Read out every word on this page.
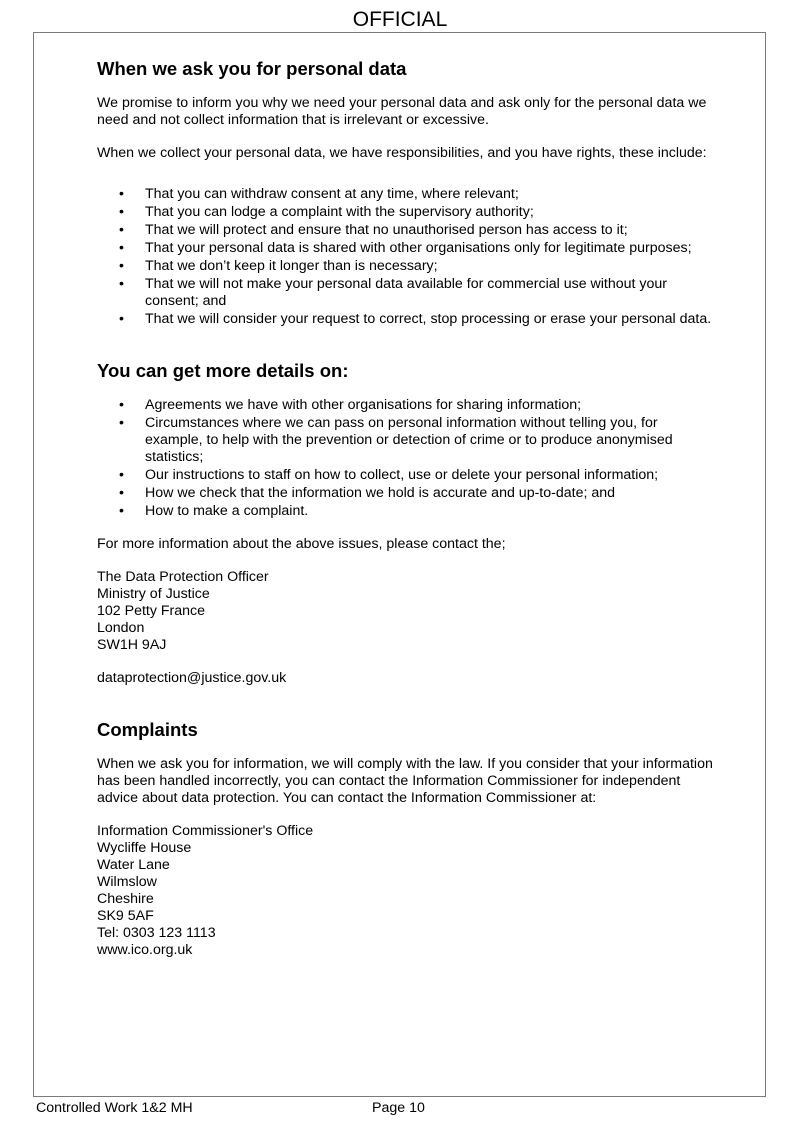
OFFICIAL
When we ask you for personal data

We promise to inform you why we need your personal data and ask only for the personal data we need and not collect information that is irrelevant or excessive.

When we collect your personal data, we have responsibilities, and you have rights, these include:

• That you can withdraw consent at any time, where relevant;
• That you can lodge a complaint with the supervisory authority;
• That we will protect and ensure that no unauthorised person has access to it;
• That your personal data is shared with other organisations only for legitimate purposes;
• That we don’t keep it longer than is necessary;
• That we will not make your personal data available for commercial use without your consent; and
• That we will consider your request to correct, stop processing or erase your personal data.
You can get more details on:
• Agreements we have with other organisations for sharing information;
• Circumstances where we can pass on personal information without telling you, for example, to help with the prevention or detection of crime or to produce anonymised statistics;
• Our instructions to staff on how to collect, use or delete your personal information;
• How we check that the information we hold is accurate and up-to-date; and
• How to make a complaint.

For more information about the above issues, please contact the;

The Data Protection Officer
Ministry of Justice
102 Petty France
London
SW1H 9AJ
dataprotection@justice.gov.uk
Complaints

When we ask you for information, we will comply with the law. If you consider that your information has been handled incorrectly, you can contact the Information Commissioner for independent advice about data protection. You can contact the Information Commissioner at:

Information Commissioner's Office
Wycliffe House
Water Lane
Wilmslow
Cheshire
SK9 5AF
Tel: 0303 123 1113
www.ico.org.uk
Controlled Work 1&2 MH	Page 10
